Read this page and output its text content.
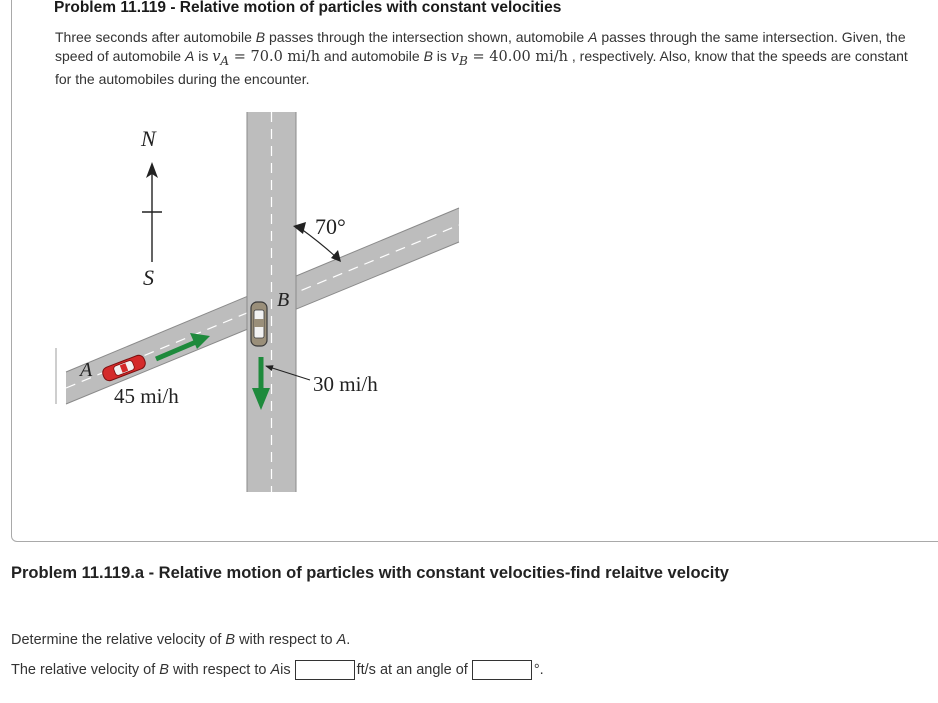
Problem 11.119 - Relative motion of particles with constant velocities

Three seconds after automobile B passes through the intersection shown, automobile A passes through the same intersection. Given, the speed of automobile A is $v_A = 70.0$ mi/h and automobile B is $v_B = 40.00$ mi/h , respectively. Also, know that the speeds are constant for the automobiles during the encounter.

N
S
70°
A
45 mi/h
B
30 mi/h
Problem 11.119.a - Relative motion of particles with constant velocities-find relaitve velocity

Determine the relative velocity of B with respect to A.

The relative velocity of B with respect to A is	ft/s at an angle of	°.
